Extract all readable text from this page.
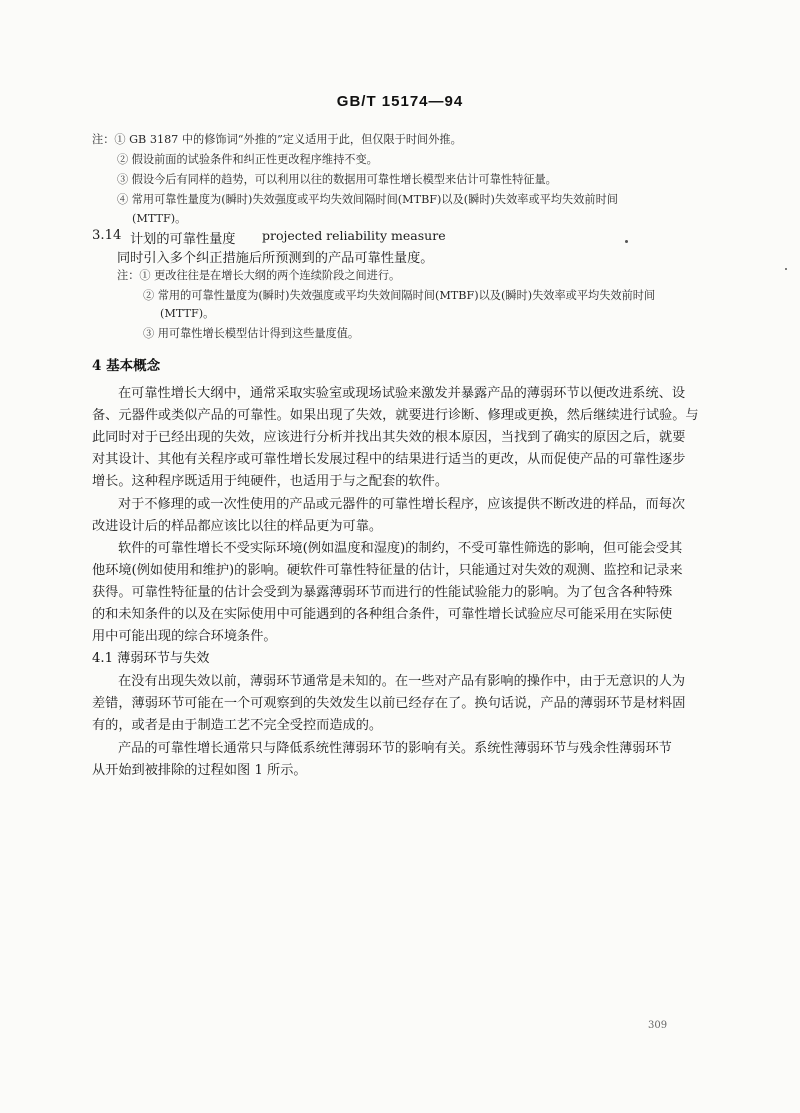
GB/T 15174—94
注：① GB 3187 中的修饰词“外推的”定义适用于此，但仅限于时间外推。
② 假设前面的试验条件和纠正性更改程序维持不变。
③ 假设今后有同样的趋势，可以利用以往的数据用可靠性增长模型来估计可靠性特征量。
④ 常用可靠性量度为(瞬时)失效强度或平均失效间隔时间(MTBF)以及(瞬时)失效率或平均失效前时间
(MTTF)。
3.14 计划的可靠性量度 projected reliability measure
同时引入多个纠正措施后所预测到的产品可靠性量度。
注：① 更改往往是在增长大纲的两个连续阶段之间进行。
② 常用的可靠性量度为(瞬时)失效强度或平均失效间隔时间(MTBF)以及(瞬时)失效率或平均失效前时间
(MTTF)。
③ 用可靠性增长模型估计得到这些量度值。
4 基本概念
在可靠性增长大纲中，通常采取实验室或现场试验来激发并暴露产品的薄弱环节以便改进系统、设
备、元器件或类似产品的可靠性。如果出现了失效，就要进行诊断、修理或更换，然后继续进行试验。与
此同时对于已经出现的失效，应该进行分析并找出其失效的根本原因，当找到了确实的原因之后，就要
对其设计、其他有关程序或可靠性增长发展过程中的结果进行适当的更改，从而促使产品的可靠性逐步
增长。这种程序既适用于纯硬件，也适用于与之配套的软件。
对于不修理的或一次性使用的产品或元器件的可靠性增长程序，应该提供不断改进的样品，而每次
改进设计后的样品都应该比以往的样品更为可靠。
软件的可靠性增长不受实际环境(例如温度和湿度)的制约，不受可靠性筛选的影响，但可能会受其
他环境(例如使用和维护)的影响。硬软件可靠性特征量的估计，只能通过对失效的观测、监控和记录来
获得。可靠性特征量的估计会受到为暴露薄弱环节而进行的性能试验能力的影响。为了包含各种特殊
的和未知条件的以及在实际使用中可能遇到的各种组合条件，可靠性增长试验应尽可能采用在实际使
用中可能出现的综合环境条件。
4.1 薄弱环节与失效
在没有出现失效以前，薄弱环节通常是未知的。在一些对产品有影响的操作中，由于无意识的人为
差错，薄弱环节可能在一个可观察到的失效发生以前已经存在了。换句话说，产品的薄弱环节是材料固
有的，或者是由于制造工艺不完全受控而造成的。
产品的可靠性增长通常只与降低系统性薄弱环节的影响有关。系统性薄弱环节与残余性薄弱环节
从开始到被排除的过程如图 1 所示。
309
